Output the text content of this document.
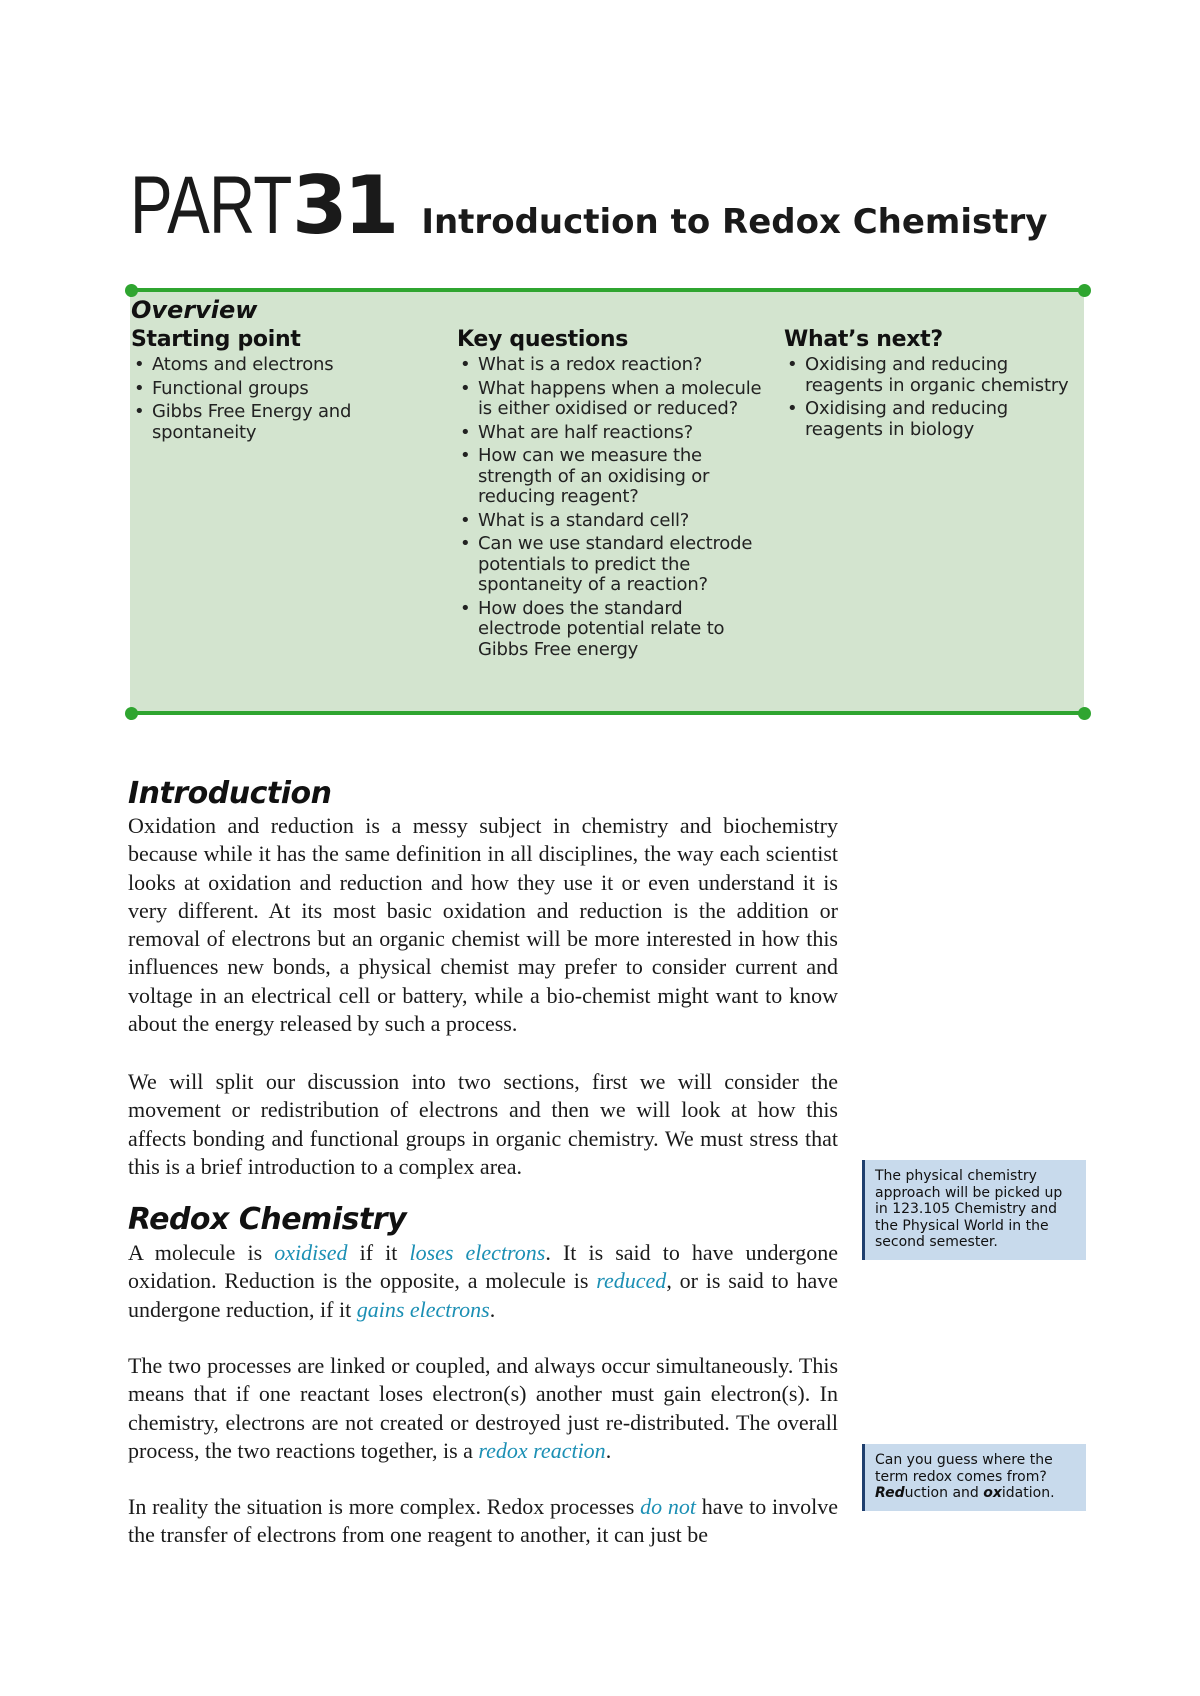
PART 31 Introduction to Redox Chemistry
Overview
Starting point
• Atoms and electrons
• Functional groups
• Gibbs Free Energy and spontaneity
Key questions
• What is a redox reaction?
• What happens when a molecule is either oxidised or reduced?
• What are half reactions?
• How can we measure the strength of an oxidising or reducing reagent?
• What is a standard cell?
• Can we use standard electrode potentials to predict the spontaneity of a reaction?
• How does the standard electrode potential relate to Gibbs Free energy
What’s next?
• Oxidising and reducing reagents in organic chemistry
• Oxidising and reducing reagents in biology
Introduction

Oxidation and reduction is a messy subject in chemistry and biochemistry because while it has the same definition in all disciplines, the way each scientist looks at oxidation and reduction and how they use it or even understand it is very different. At its most basic oxidation and reduction is the addition or removal of electrons but an organic chemist will be more interested in how this influences new bonds, a physical chemist may prefer to consider current and voltage in an electrical cell or battery, while a bio-chemist might want to know about the energy released by such a process.

We will split our discussion into two sections, first we will consider the movement or redistribution of electrons and then we will look at how this affects bonding and functional groups in organic chemistry. We must stress that this is a brief introduction to a complex area.

Redox Chemistry

A molecule is oxidised if it loses electrons. It is said to have undergone oxidation. Reduction is the opposite, a molecule is reduced, or is said to have undergone reduction, if it gains electrons.

The two processes are linked or coupled, and always occur simultaneously. This means that if one reactant loses electron(s) another must gain electron(s). In chemistry, electrons are not created or destroyed just re-distributed. The overall process, the two reactions together, is a redox reaction.

In reality the situation is more complex. Redox processes do not have to involve the transfer of electrons from one reagent to another, it can just be

The physical chemistry approach will be picked up in 123.105 Chemistry and the Physical World in the second semester.
Can you guess where the term redox comes from? Reduction and oxidation.
